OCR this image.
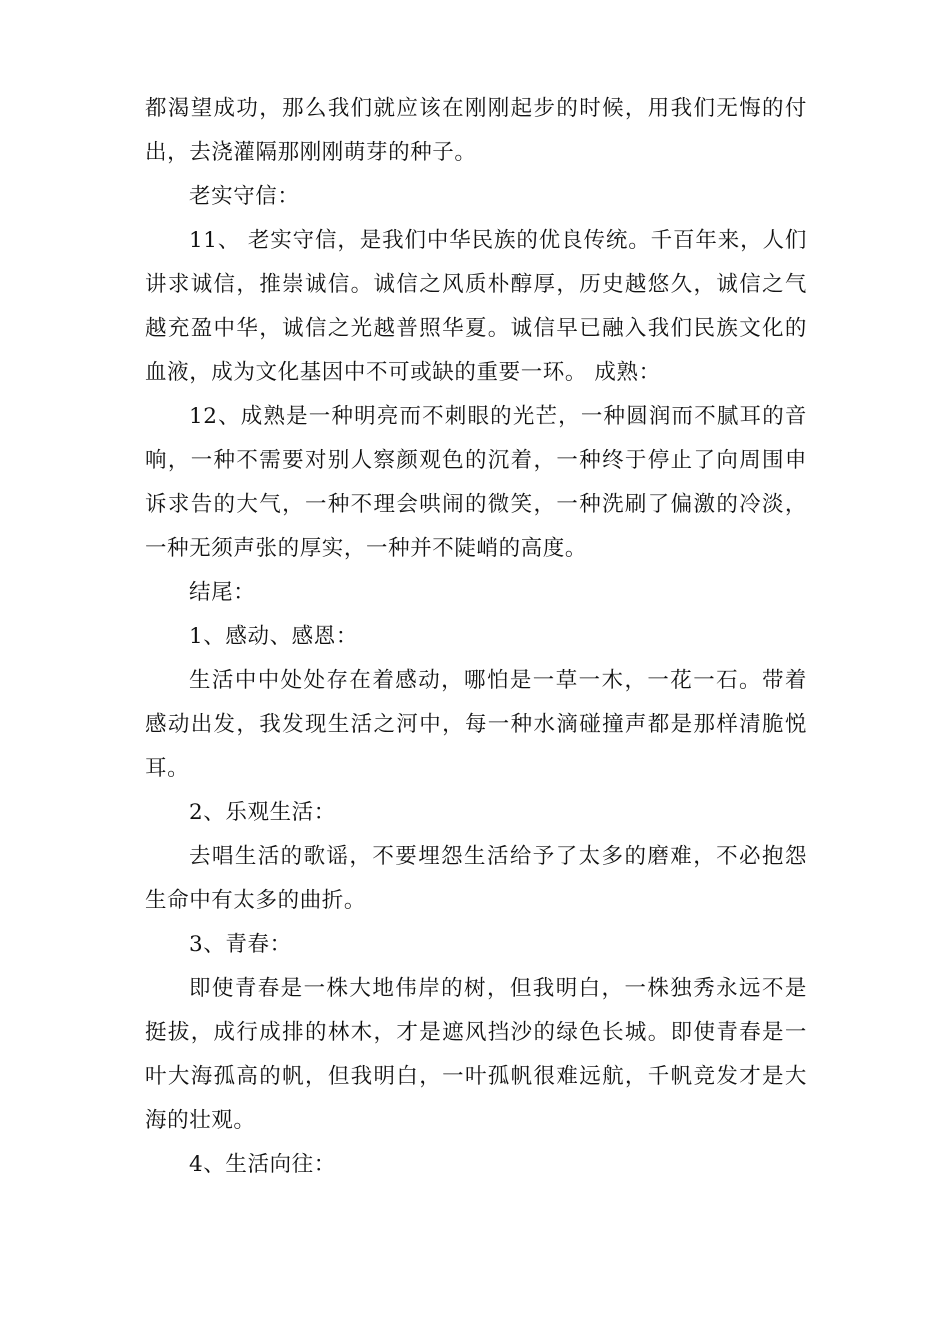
都渴望成功，那么我们就应该在刚刚起步的时候，用我们无悔的付出，去浇灌隔那刚刚萌芽的种子。

老实守信：

11、 老实守信，是我们中华民族的优良传统。千百年来，人们讲求诚信，推崇诚信。诚信之风质朴醇厚，历史越悠久，诚信之气越充盈中华，诚信之光越普照华夏。诚信早已融入我们民族文化的血液，成为文化基因中不可或缺的重要一环。 成熟：

12、成熟是一种明亮而不刺眼的光芒，一种圆润而不腻耳的音响，一种不需要对别人察颜观色的沉着，一种终于停止了向周围申诉求告的大气，一种不理会哄闹的微笑，一种洗刷了偏激的冷淡，一种无须声张的厚实，一种并不陡峭的高度。

结尾：

1、感动、感恩：

生活中中处处存在着感动，哪怕是一草一木，一花一石。带着感动出发，我发现生活之河中，每一种水滴碰撞声都是那样清脆悦耳。

2、乐观生活：

去唱生活的歌谣，不要埋怨生活给予了太多的磨难，不必抱怨生命中有太多的曲折。

3、青春：

即使青春是一株大地伟岸的树，但我明白，一株独秀永远不是挺拔，成行成排的林木，才是遮风挡沙的绿色长城。即使青春是一叶大海孤高的帆，但我明白，一叶孤帆很难远航，千帆竞发才是大海的壮观。

4、生活向往：
